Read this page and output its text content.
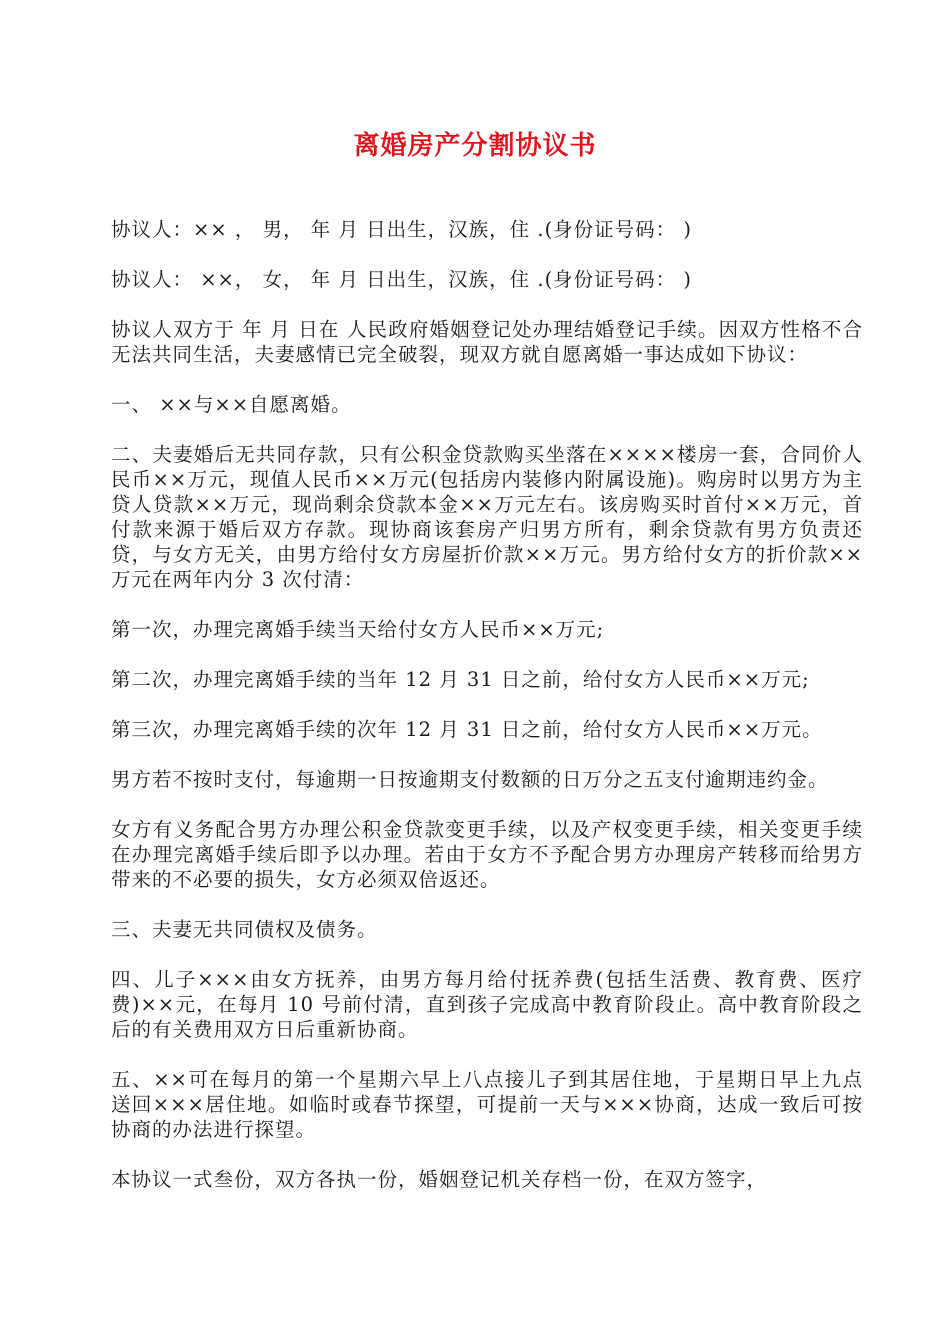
离婚房产分割协议书

协议人：×× ， 男， 年 月 日出生，汉族，住 .(身份证号码： )

协议人： ××， 女， 年 月 日出生，汉族，住 .(身份证号码： )

协议人双方于 年 月 日在 人民政府婚姻登记处办理结婚登记手续。因双方性格不合无法共同生活，夫妻感情已完全破裂，现双方就自愿离婚一事达成如下协议：

一、 ××与××自愿离婚。

二、夫妻婚后无共同存款，只有公积金贷款购买坐落在××××楼房一套，合同价人民币××万元，现值人民币××万元(包括房内装修内附属设施)。购房时以男方为主贷人贷款××万元，现尚剩余贷款本金××万元左右。该房购买时首付××万元，首付款来源于婚后双方存款。现协商该套房产归男方所有，剩余贷款有男方负责还贷，与女方无关，由男方给付女方房屋折价款××万元。男方给付女方的折价款××万元在两年内分 3 次付清：

第一次，办理完离婚手续当天给付女方人民币××万元;

第二次，办理完离婚手续的当年 12 月 31 日之前，给付女方人民币××万元;

第三次，办理完离婚手续的次年 12 月 31 日之前，给付女方人民币××万元。

男方若不按时支付，每逾期一日按逾期支付数额的日万分之五支付逾期违约金。

女方有义务配合男方办理公积金贷款变更手续，以及产权变更手续，相关变更手续在办理完离婚手续后即予以办理。若由于女方不予配合男方办理房产转移而给男方带来的不必要的损失，女方必须双倍返还。

三、夫妻无共同债权及债务。

四、儿子×××由女方抚养，由男方每月给付抚养费(包括生活费、教育费、医疗费)××元，在每月 10 号前付清，直到孩子完成高中教育阶段止。高中教育阶段之后的有关费用双方日后重新协商。

五、××可在每月的第一个星期六早上八点接儿子到其居住地，于星期日早上九点送回×××居住地。如临时或春节探望，可提前一天与×××协商，达成一致后可按协商的办法进行探望。

本协议一式叁份，双方各执一份，婚姻登记机关存档一份，在双方签字，
